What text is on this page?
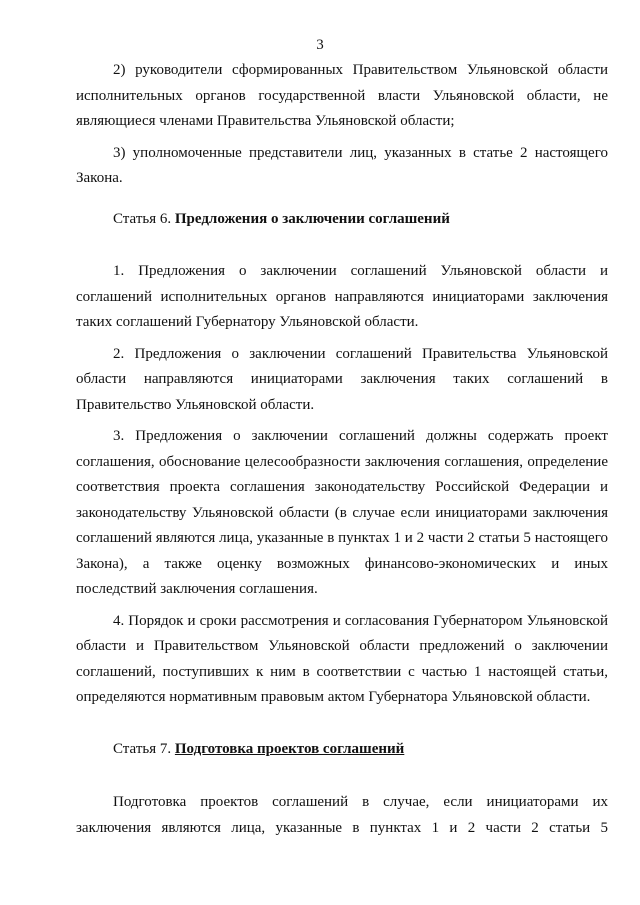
3

2) руководители сформированных Правительством Ульяновской области исполнительных органов государственной власти Ульяновской области, не являющиеся членами Правительства Ульяновской области;

3) уполномоченные представители лиц, указанных в статье 2 настоящего Закона.

Статья 6. Предложения о заключении соглашений

1. Предложения о заключении соглашений Ульяновской области и соглашений исполнительных органов направляются инициаторами заключения таких соглашений Губернатору Ульяновской области.

2. Предложения о заключении соглашений Правительства Ульяновской области направляются инициаторами заключения таких соглашений в Правительство Ульяновской области.

3. Предложения о заключении соглашений должны содержать проект соглашения, обоснование целесообразности заключения соглашения, определение соответствия проекта соглашения законодательству Российской Федерации и законодательству Ульяновской области (в случае если инициаторами заключения соглашений являются лица, указанные в пунктах 1 и 2 части 2 статьи 5 настоящего Закона), а также оценку возможных финансово-экономических и иных последствий заключения соглашения.

4. Порядок и сроки рассмотрения и согласования Губернатором Ульяновской области и Правительством Ульяновской области предложений о заключении соглашений, поступивших к ним в соответствии с частью 1 настоящей статьи, определяются нормативным правовым актом Губернатора Ульяновской области.

Статья 7. Подготовка проектов соглашений

Подготовка проектов соглашений в случае, если инициаторами их заключения являются лица, указанные в пунктах 1 и 2 части 2 статьи 5
